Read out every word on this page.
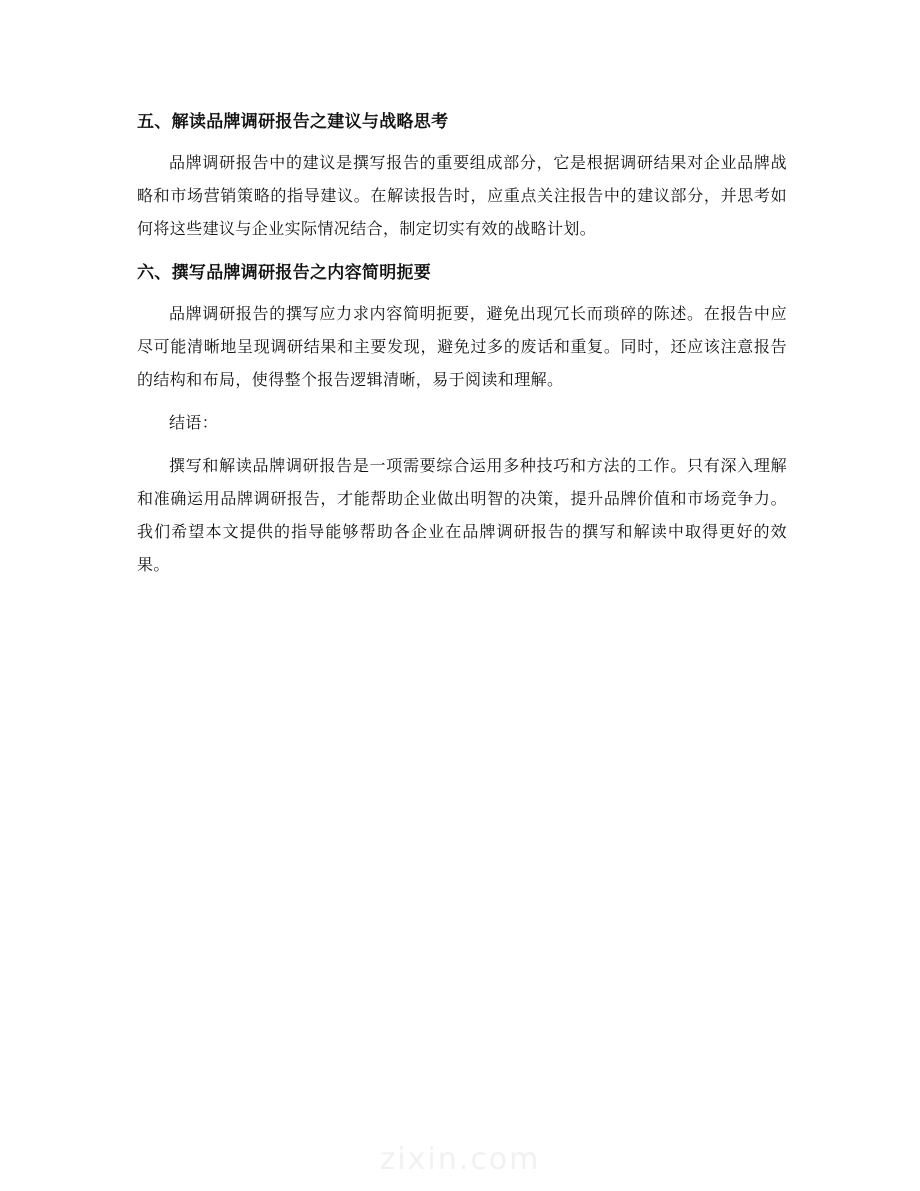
五、解读品牌调研报告之建议与战略思考

品牌调研报告中的建议是撰写报告的重要组成部分，它是根据调研结果对企业品牌战略和市场营销策略的指导建议。在解读报告时，应重点关注报告中的建议部分，并思考如何将这些建议与企业实际情况结合，制定切实有效的战略计划。

六、撰写品牌调研报告之内容简明扼要

品牌调研报告的撰写应力求内容简明扼要，避免出现冗长而琐碎的陈述。在报告中应尽可能清晰地呈现调研结果和主要发现，避免过多的废话和重复。同时，还应该注意报告的结构和布局，使得整个报告逻辑清晰，易于阅读和理解。

结语：

撰写和解读品牌调研报告是一项需要综合运用多种技巧和方法的工作。只有深入理解和准确运用品牌调研报告，才能帮助企业做出明智的决策，提升品牌价值和市场竞争力。我们希望本文提供的指导能够帮助各企业在品牌调研报告的撰写和解读中取得更好的效果。

zixin.com
